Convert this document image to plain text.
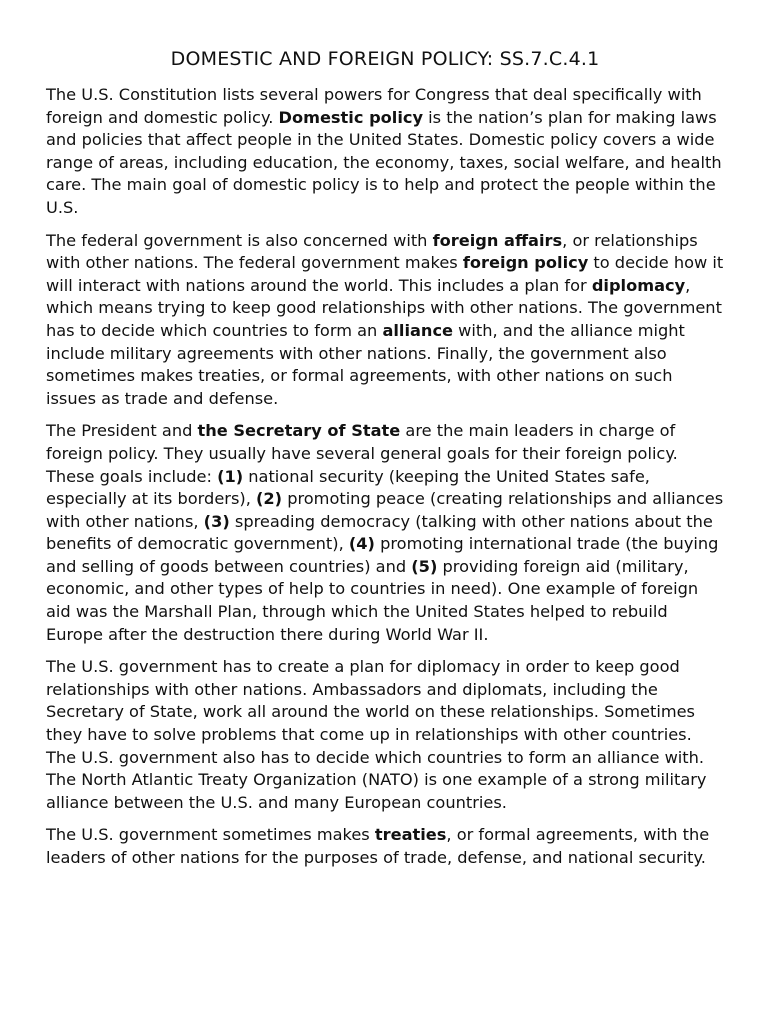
DOMESTIC AND FOREIGN POLICY: SS.7.C.4.1

The U.S. Constitution lists several powers for Congress that deal specifically with foreign and domestic policy. Domestic policy is the nation’s plan for making laws and policies that affect people in the United States. Domestic policy covers a wide range of areas, including education, the economy, taxes, social welfare, and health care. The main goal of domestic policy is to help and protect the people within the U.S.

The federal government is also concerned with foreign affairs, or relationships with other nations. The federal government makes foreign policy to decide how it will interact with nations around the world. This includes a plan for diplomacy, which means trying to keep good relationships with other nations. The government has to decide which countries to form an alliance with, and the alliance might include military agreements with other nations. Finally, the government also sometimes makes treaties, or formal agreements, with other nations on such issues as trade and defense.

The President and the Secretary of State are the main leaders in charge of foreign policy. They usually have several general goals for their foreign policy. These goals include: (1) national security (keeping the United States safe, especially at its borders), (2) promoting peace (creating relationships and alliances with other nations, (3) spreading democracy (talking with other nations about the benefits of democratic government), (4) promoting international trade (the buying and selling of goods between countries) and (5) providing foreign aid (military, economic, and other types of help to countries in need). One example of foreign aid was the Marshall Plan, through which the United States helped to rebuild Europe after the destruction there during World War II.

The U.S. government has to create a plan for diplomacy in order to keep good relationships with other nations. Ambassadors and diplomats, including the Secretary of State, work all around the world on these relationships. Sometimes they have to solve problems that come up in relationships with other countries. The U.S. government also has to decide which countries to form an alliance with. The North Atlantic Treaty Organization (NATO) is one example of a strong military alliance between the U.S. and many European countries.

The U.S. government sometimes makes treaties, or formal agreements, with the leaders of other nations for the purposes of trade, defense, and national security.
